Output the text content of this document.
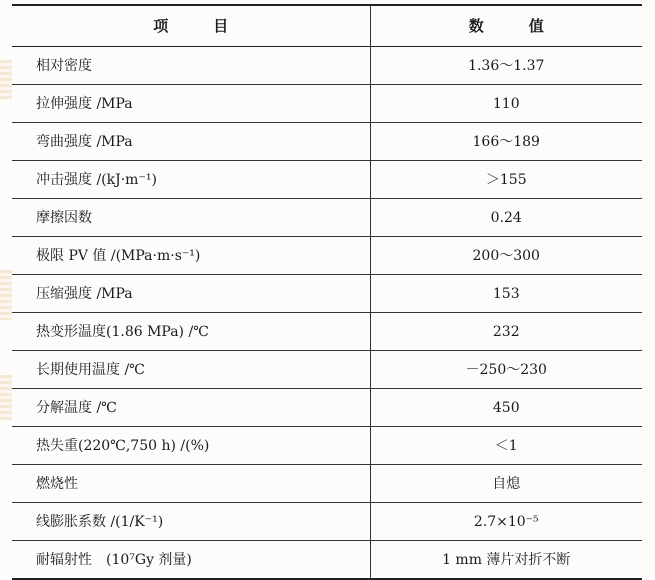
项　　　目	数　　　值
相对密度	1.36～1.37
拉伸强度 /MPa	110
弯曲强度 /MPa	166～189
冲击强度 /(kJ·m⁻¹)	＞155
摩擦因数	0.24
极限 PV 值 /(MPa·m·s⁻¹)	200～300
压缩强度 /MPa	153
热变形温度(1.86 MPa) /℃	232
长期使用温度 /℃	－250～230
分解温度 /℃	450
热失重(220℃,750 h) /(%)	＜1
燃烧性	自熄
线膨胀系数 /(1/K⁻¹)	2.7×10⁻⁵
耐辐射性　(10⁷Gy 剂量)	1 mm 薄片对折不断
